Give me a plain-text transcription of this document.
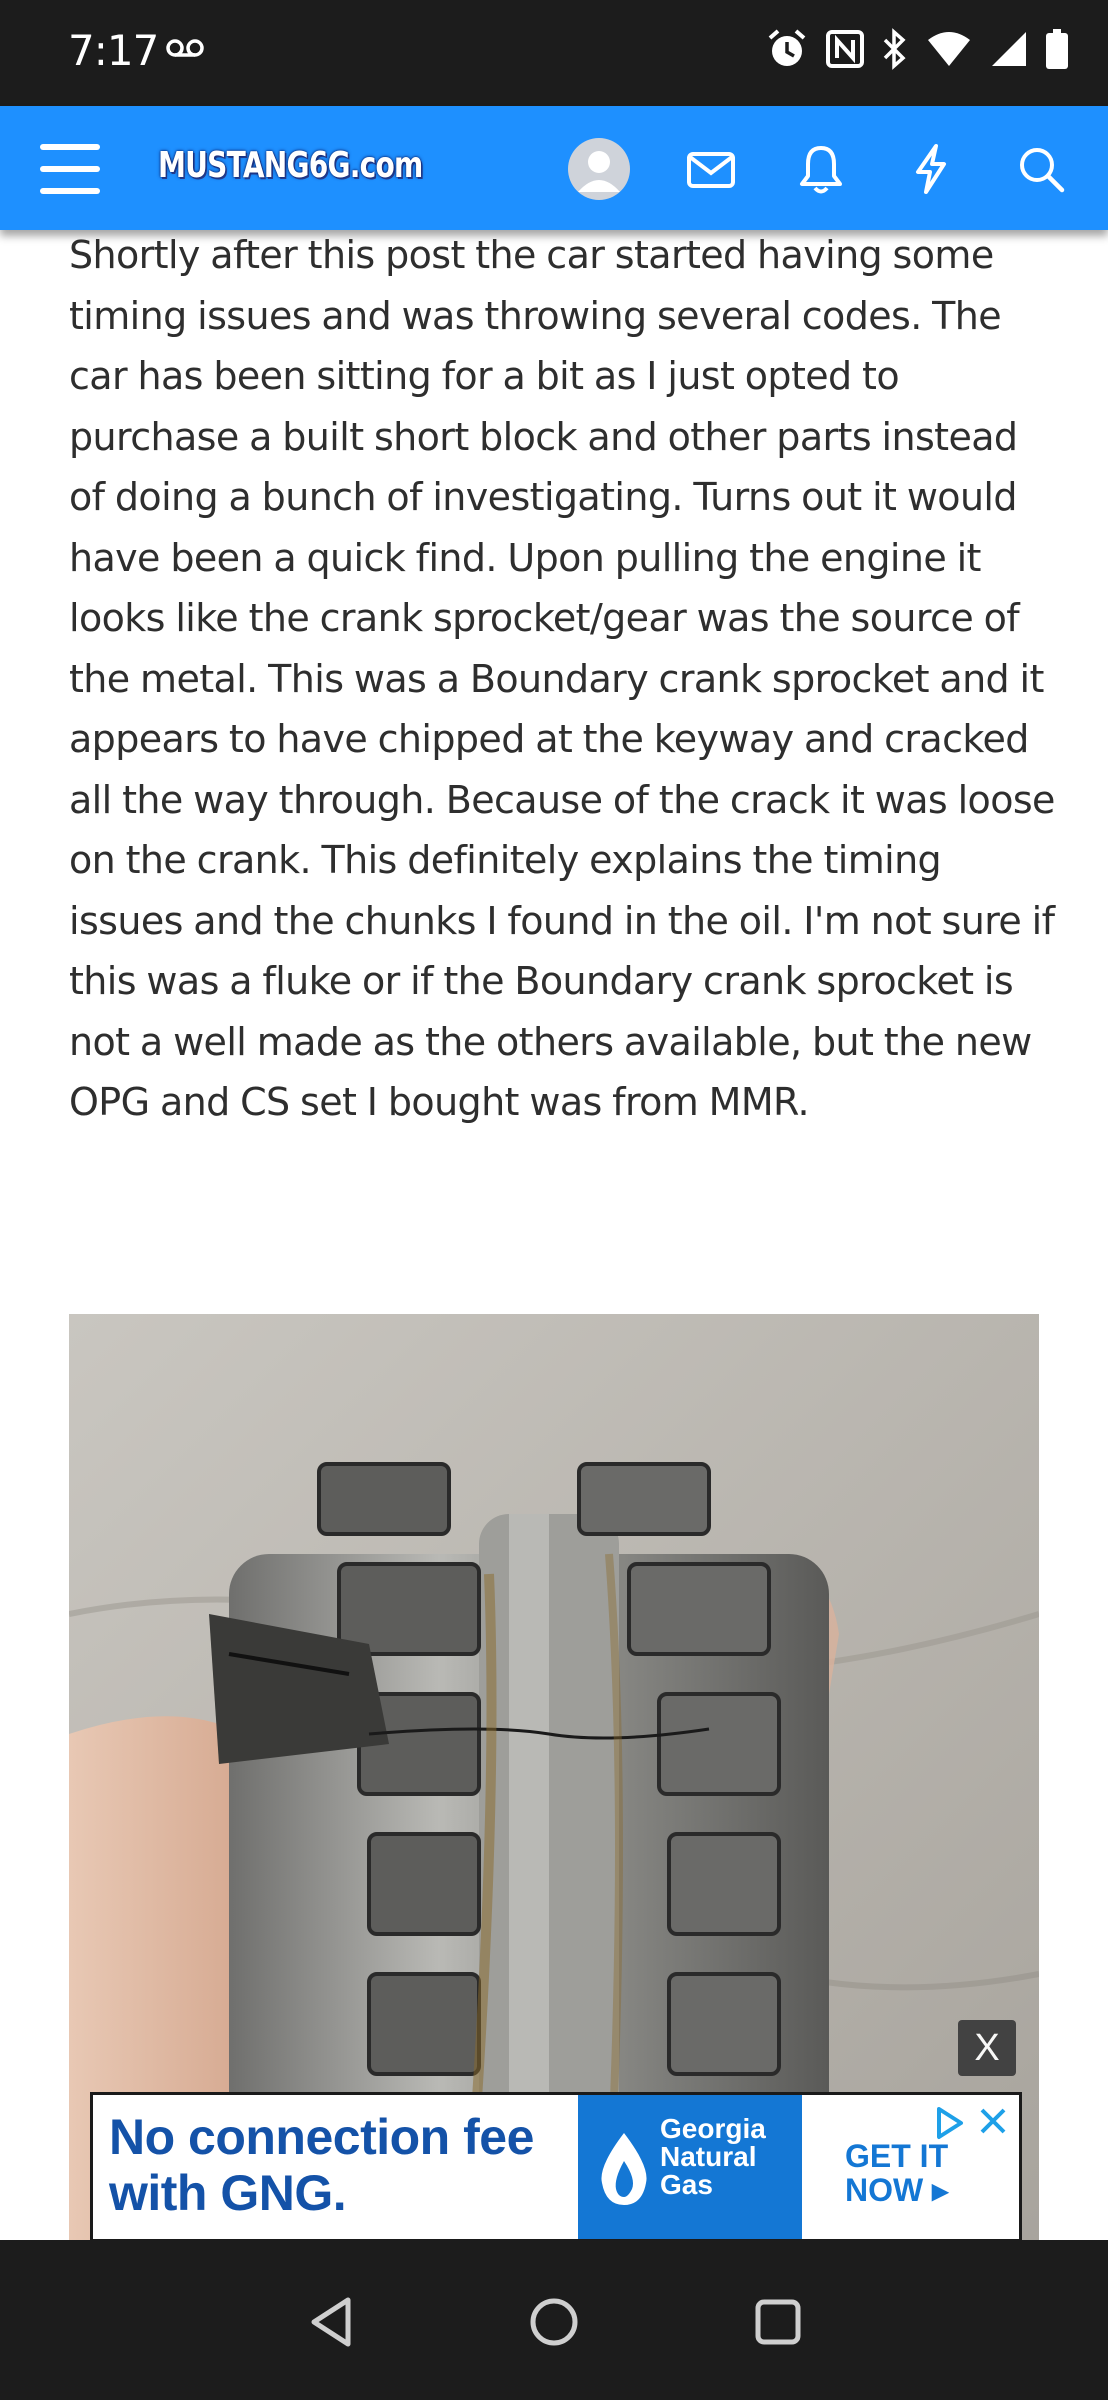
7:17
MUSTANG6G.com

Shortly after this post the car started having some timing issues and was throwing several codes. The car has been sitting for a bit as I just opted to purchase a built short block and other parts instead of doing a bunch of investigating. Turns out it would have been a quick find. Upon pulling the engine it looks like the crank sprocket/gear was the source of the metal. This was a Boundary crank sprocket and it appears to have chipped at the keyway and cracked all the way through. Because of the crack it was loose on the crank. This definitely explains the timing issues and the chunks I found in the oil. I'm not sure if this was a fluke or if the Boundary crank sprocket is not a well made as the others available, but the new OPG and CS set I bought was from MMR.

X
No connection fee
with GNG.
Georgia
Natural
Gas
GET IT
NOW ▸
